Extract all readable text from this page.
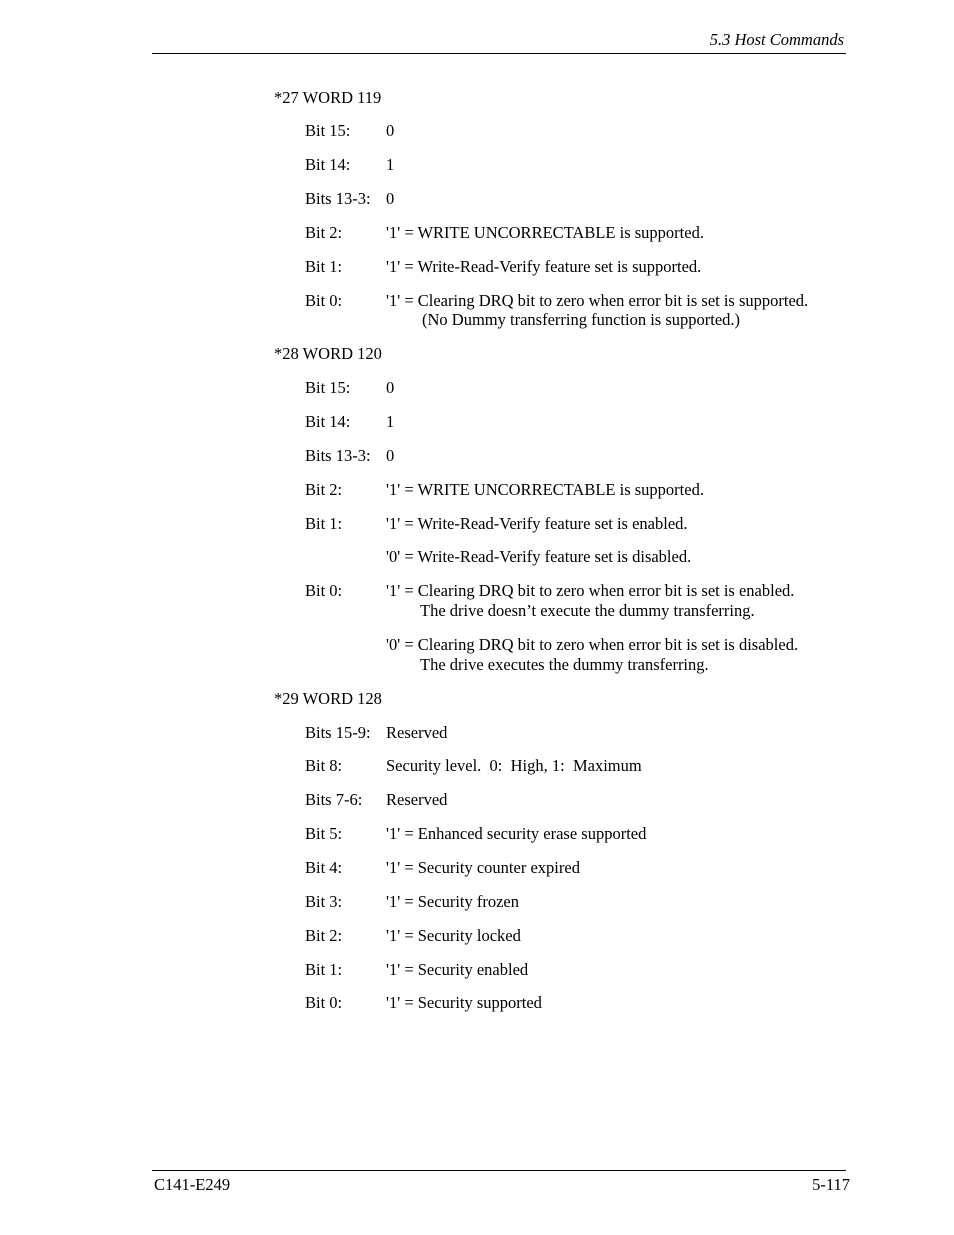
5.3 Host Commands
*27 WORD 119
Bit 15: 0
Bit 14: 1
Bits 13-3: 0
Bit 2:	'1' = WRITE UNCORRECTABLE is supported.
Bit 1:	'1' = Write-Read-Verify feature set is supported.
Bit 0:	'1' = Clearing DRQ bit to zero when error bit is set is supported.
(No Dummy transferring function is supported.)
*28 WORD 120
Bit 15: 0
Bit 14: 1
Bits 13-3: 0
Bit 2:	'1' = WRITE UNCORRECTABLE is supported.
Bit 1:	'1' = Write-Read-Verify feature set is enabled.
'0' = Write-Read-Verify feature set is disabled.
Bit 0:	'1' = Clearing DRQ bit to zero when error bit is set is enabled.
The drive doesn’t execute the dummy transferring.
'0' = Clearing DRQ bit to zero when error bit is set is disabled.
The drive executes the dummy transferring.
*29 WORD 128
Bits 15-9: Reserved
Bit 8:	Security level.  0:  High, 1:  Maximum
Bits 7-6: Reserved
Bit 5:	'1' = Enhanced security erase supported
Bit 4:	'1' = Security counter expired
Bit 3:	'1' = Security frozen
Bit 2:	'1' = Security locked
Bit 1:	'1' = Security enabled
Bit 0:	'1' = Security supported
C141-E249	5-117
